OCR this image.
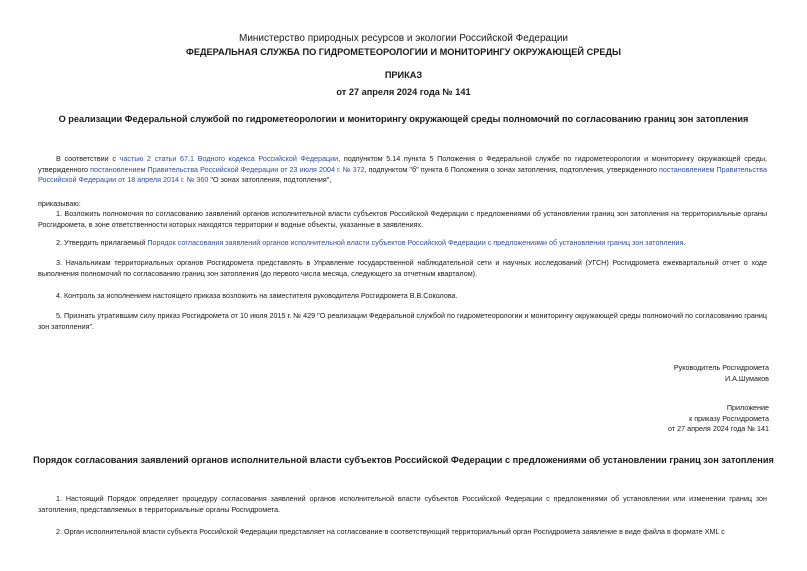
Министерство природных ресурсов и экологии Российской Федерации
ФЕДЕРАЛЬНАЯ СЛУЖБА ПО ГИДРОМЕТЕОРОЛОГИИ И МОНИТОРИНГУ ОКРУЖАЮЩЕЙ СРЕДЫ
ПРИКАЗ
от 27 апреля 2024 года № 141
О реализации Федеральной службой по гидрометеорологии и мониторингу окружающей среды полномочий по согласованию границ зон затопления

В соответствии с частью 2 статьи 67.1 Водного кодекса Российской Федерации, подпунктом 5.14 пункта 5 Положения о Федеральной службе по гидрометеорологии и мониторингу окружающей среды, утвержденного постановлением Правительства Российской Федерации от 23 июля 2004 г. № 372, подпунктом "б" пункта 6 Положения о зонах затопления, подтопления, утвержденного постановлением Правительства Российской Федерации от 18 апреля 2014 г. № 360 "О зонах затопления, подтопления",

приказываю:

1. Возложить полномочия по согласованию заявлений органов исполнительной власти субъектов Российской Федерации с предложениями об установлении границ зон затопления на территориальные органы Росгидромета, в зоне ответственности которых находятся территории и водные объекты, указанные в заявлениях.

2. Утвердить прилагаемый Порядок согласования заявлений органов исполнительной власти субъектов Российской Федерации с предложениями об установлении границ зон затопления.

3. Начальникам территориальных органов Росгидромета представлять в Управление государственной наблюдательной сети и научных исследований (УГСН) Росгидромета ежеквартальный отчет о ходе выполнения полномочий по согласованию границ зон затопления (до первого числа месяца, следующего за отчетным кварталом).

4. Контроль за исполнением настоящего приказа возложить на заместителя руководителя Росгидромета В.В.Соколова.

5. Признать утратившим силу приказ Росгидромета от 10 июля 2015 г. № 429 "О реализации Федеральной службой по гидрометеорологии и мониторингу окружающей среды полномочий по согласованию границ зон затопления".

Руководитель Росгидромета
И.А.Шумаков
Приложение
к приказу Росгидромета
от 27 апреля 2024 года № 141
Порядок согласования заявлений органов исполнительной власти субъектов Российской Федерации с предложениями об установлении границ зон затопления

1. Настоящий Порядок определяет процедуру согласования заявлений органов исполнительной власти субъектов Российской Федерации с предложениями об установлении или изменении границ зон затопления, представляемых в территориальные органы Росгидромета.

2. Орган исполнительной власти субъекта Российской Федерации представляет на согласование в соответствующий территориальный орган Росгидромета заявление в виде файла в формате XML с
